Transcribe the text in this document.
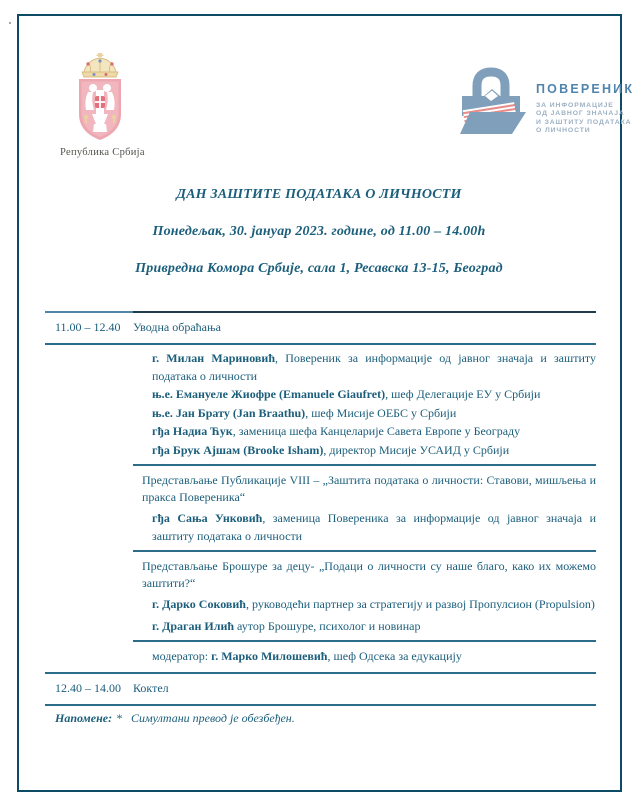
Република Србија
ПОВЕРЕНИК
ЗА ИНФОРМАЦИЈЕ
ОД ЈАВНОГ ЗНАЧАЈА
И ЗАШТИТУ ПОДАТАКА
О ЛИЧНОСТИ
ДАН ЗАШТИТЕ ПОДАТАКА О ЛИЧНОСТИ
Понедељак, 30. јануар 2023. године, од 11.00 – 14.00h
Привредна Комора Србије, сала 1, Ресавска 13-15, Београд
11.00 – 12.40	Уводна обраћања

г. Милан Мариновић, Повереник за информације од јавног значаја и заштиту података о личности

њ.е. Емануеле Жиофре (Emanuele Giaufret), шеф Делегације ЕУ у Србији

њ.е. Јан Брату (Jan Braathu), шеф Мисије ОЕБС у Србији

гђа Надиа Ћук, заменица шефа Канцеларије Савета Европе у Београду

гђа Брук Ајшам (Brooke Isham), директор Мисије УСАИД у Србији

Представљање Публикације VIII – „Заштита података о личности: Ставови, мишљења и пракса Повереника“

гђа Сања Унковић, заменица Повереника за информације од јавног значаја и заштиту података о личности

Представљање Брошуре за децу- „Подаци о личности су наше благо, како их можемо заштити?“

г. Дарко Соковић, руководећи партнер за стратегију и развој Пропулсион (Propulsion)

г. Драган Илић аутор Брошуре, психолог и новинар

модератор: г. Марко Милошевић, шеф Одсека за едукацију

12.40 – 14.00	Коктел
Напомене: * Симултани превод је обезбеђен.
